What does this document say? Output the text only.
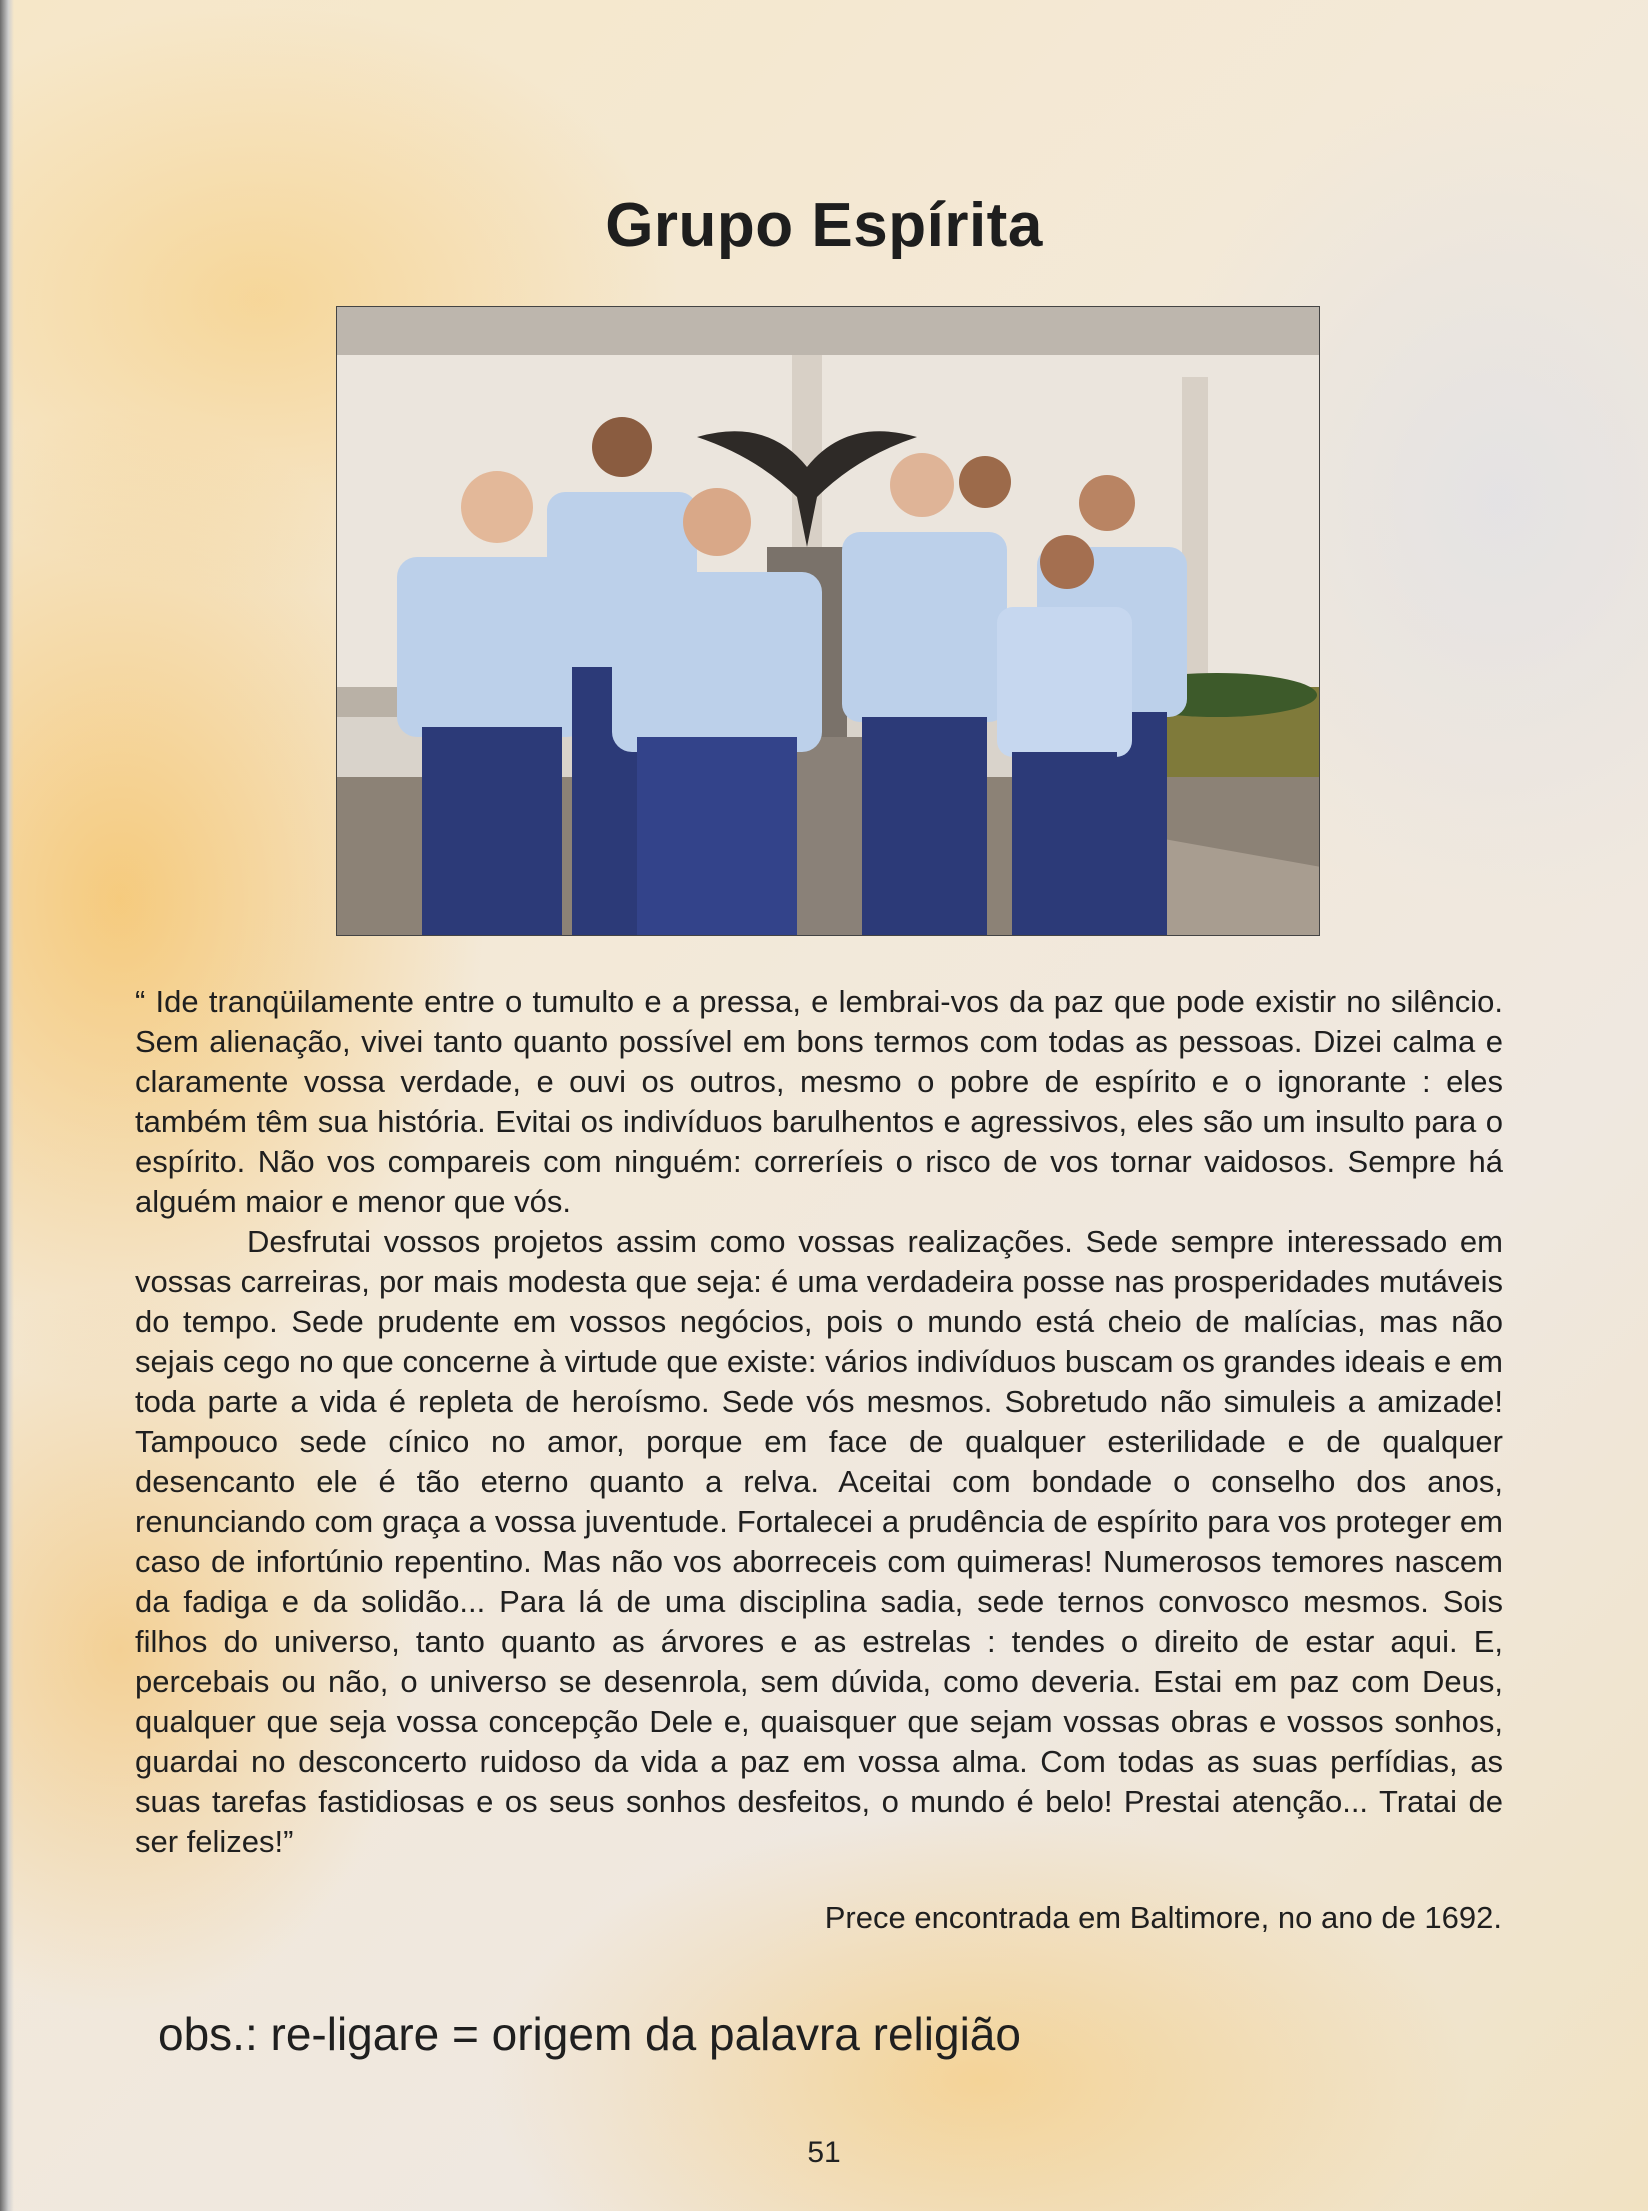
Grupo Espírita

“ Ide tranqüilamente entre o tumulto e a pressa, e lembrai-vos da paz que pode existir no silêncio. Sem alienação, vivei tanto quanto possível em bons termos com todas as pessoas. Dizei calma e claramente vossa verdade, e ouvi os outros, mesmo o pobre de espírito e o ignorante : eles também têm sua história. Evitai os indivíduos barulhentos e agressivos, eles são um insulto para o espírito. Não vos compareis com ninguém: correríeis o risco de vos tornar vaidosos. Sempre há alguém maior e menor que vós.

Desfrutai vossos projetos assim como vossas realizações. Sede sempre interessado em vossas carreiras, por mais modesta que seja: é uma verdadeira posse nas prosperidades mutáveis do tempo. Sede prudente em vossos negócios, pois o mundo está cheio de malícias, mas não sejais cego no que concerne à virtude que existe: vários indivíduos buscam os grandes ideais e em toda parte a vida é repleta de heroísmo. Sede vós mesmos. Sobretudo não simuleis a amizade! Tampouco sede cínico no amor, porque em face de qualquer esterilidade e de qualquer desencanto ele é tão eterno quanto a relva. Aceitai com bondade o conselho dos anos, renunciando com graça a vossa juventude. Fortalecei a prudência de espírito para vos proteger em caso de infortúnio repentino. Mas não vos aborreceis com quimeras! Numerosos temores nascem da fadiga e da solidão... Para lá de uma disciplina sadia, sede ternos convosco mesmos. Sois filhos do universo, tanto quanto as árvores e as estrelas : tendes o direito de estar aqui. E, percebais ou não, o universo se desenrola, sem dúvida, como deveria. Estai em paz com Deus, qualquer que seja vossa concepção Dele e, quaisquer que sejam vossas obras e vossos sonhos, guardai no desconcerto ruidoso da vida a paz em vossa alma. Com todas as suas perfídias, as suas tarefas fastidiosas e os seus sonhos desfeitos, o mundo é belo! Prestai atenção... Tratai de ser felizes!”

Prece encontrada em Baltimore, no ano de 1692.
obs.: re-ligare = origem da palavra religião
51
